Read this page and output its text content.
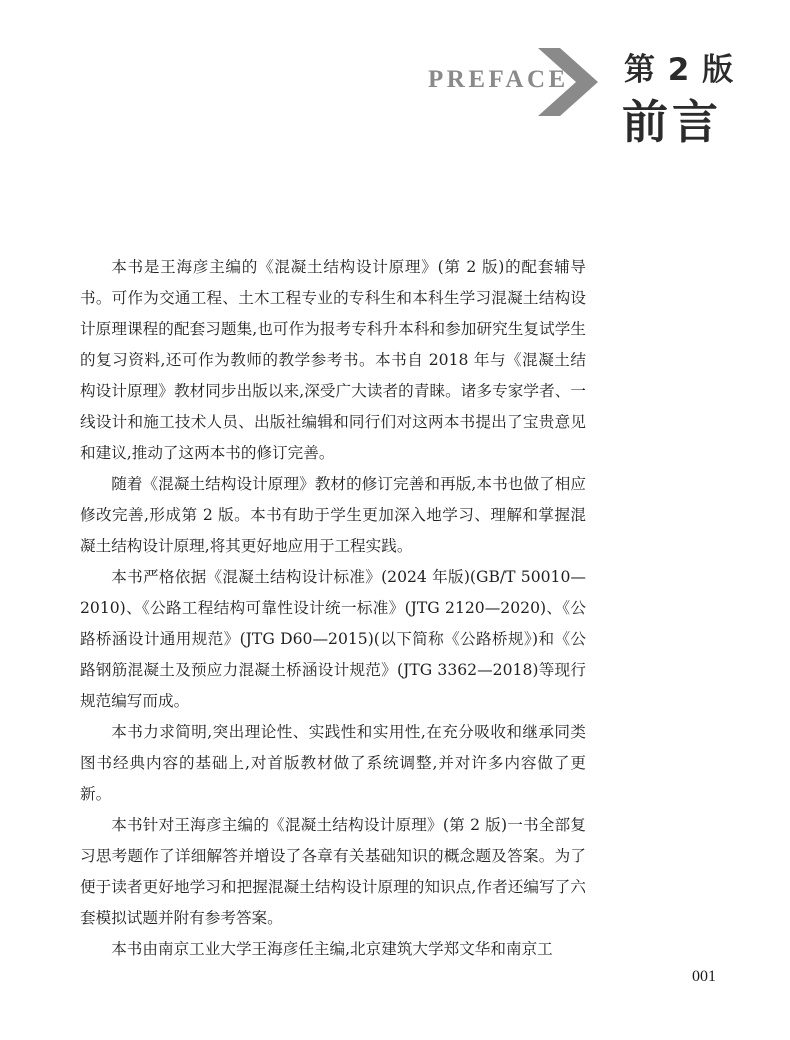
PREFACE 第 2 版
前言

本书是王海彦主编的《混凝土结构设计原理》(第 2 版)的配套辅导书。可作为交通工程、土木工程专业的专科生和本科生学习混凝土结构设计原理课程的配套习题集,也可作为报考专科升本科和参加研究生复试学生的复习资料,还可作为教师的教学参考书。本书自 2018 年与《混凝土结构设计原理》教材同步出版以来,深受广大读者的青睐。诸多专家学者、一线设计和施工技术人员、出版社编辑和同行们对这两本书提出了宝贵意见和建议,推动了这两本书的修订完善。

随着《混凝土结构设计原理》教材的修订完善和再版,本书也做了相应修改完善,形成第 2 版。本书有助于学生更加深入地学习、理解和掌握混凝土结构设计原理,将其更好地应用于工程实践。

本书严格依据《混凝土结构设计标准》(2024 年版)(GB/T 50010—2010)、《公路工程结构可靠性设计统一标准》(JTG 2120—2020)、《公路桥涵设计通用规范》(JTG D60—2015)(以下简称《公路桥规》)和《公路钢筋混凝土及预应力混凝土桥涵设计规范》(JTG 3362—2018)等现行规范编写而成。

本书力求简明,突出理论性、实践性和实用性,在充分吸收和继承同类图书经典内容的基础上,对首版教材做了系统调整,并对许多内容做了更新。

本书针对王海彦主编的《混凝土结构设计原理》(第 2 版)一书全部复习思考题作了详细解答并增设了各章有关基础知识的概念题及答案。为了便于读者更好地学习和把握混凝土结构设计原理的知识点,作者还编写了六套模拟试题并附有参考答案。

本书由南京工业大学王海彦任主编,北京建筑大学郑文华和南京工

001
